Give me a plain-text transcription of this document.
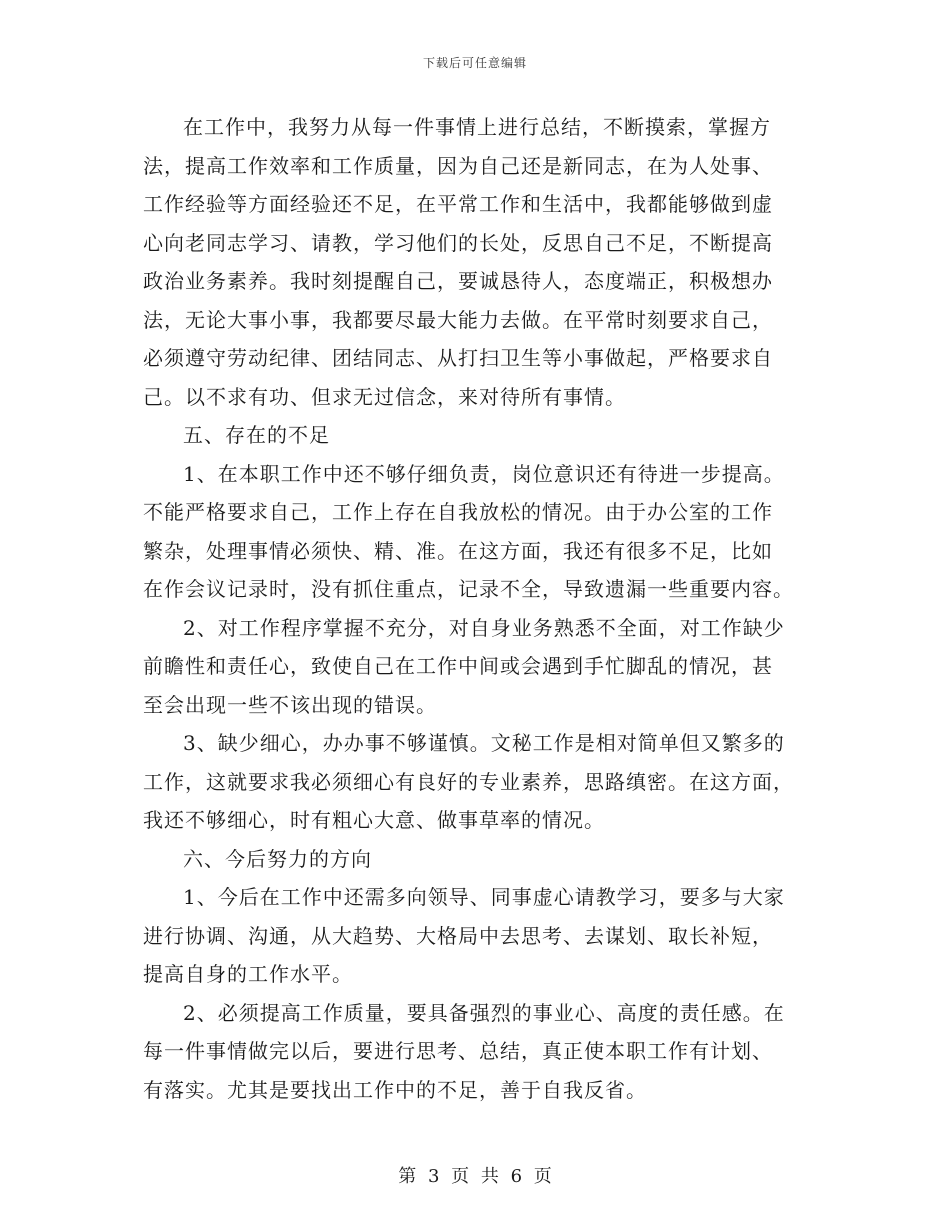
下载后可任意编辑

在工作中，我努力从每一件事情上进行总结，不断摸索，掌握方
法，提高工作效率和工作质量，因为自己还是新同志，在为人处事、
工作经验等方面经验还不足，在平常工作和生活中，我都能够做到虚
心向老同志学习、请教，学习他们的长处，反思自己不足，不断提高
政治业务素养。我时刻提醒自己，要诚恳待人，态度端正，积极想办
法，无论大事小事，我都要尽最大能力去做。在平常时刻要求自己，
必须遵守劳动纪律、团结同志、从打扫卫生等小事做起，严格要求自
己。以不求有功、但求无过信念，来对待所有事情。

五、存在的不足

1、在本职工作中还不够仔细负责，岗位意识还有待进一步提高。
不能严格要求自己，工作上存在自我放松的情况。由于办公室的工作
繁杂，处理事情必须快、精、准。在这方面，我还有很多不足，比如
在作会议记录时，没有抓住重点，记录不全，导致遗漏一些重要内容。

2、对工作程序掌握不充分，对自身业务熟悉不全面，对工作缺少
前瞻性和责任心，致使自己在工作中间或会遇到手忙脚乱的情况，甚
至会出现一些不该出现的错误。

3、缺少细心，办办事不够谨慎。文秘工作是相对简单但又繁多的
工作，这就要求我必须细心有良好的专业素养，思路缜密。在这方面，
我还不够细心，时有粗心大意、做事草率的情况。

六、今后努力的方向

1、今后在工作中还需多向领导、同事虚心请教学习，要多与大家
进行协调、沟通，从大趋势、大格局中去思考、去谋划、取长补短，
提高自身的工作水平。

2、必须提高工作质量，要具备强烈的事业心、高度的责任感。在
每一件事情做完以后，要进行思考、总结，真正使本职工作有计划、
有落实。尤其是要找出工作中的不足，善于自我反省。

第 3 页 共 6 页
